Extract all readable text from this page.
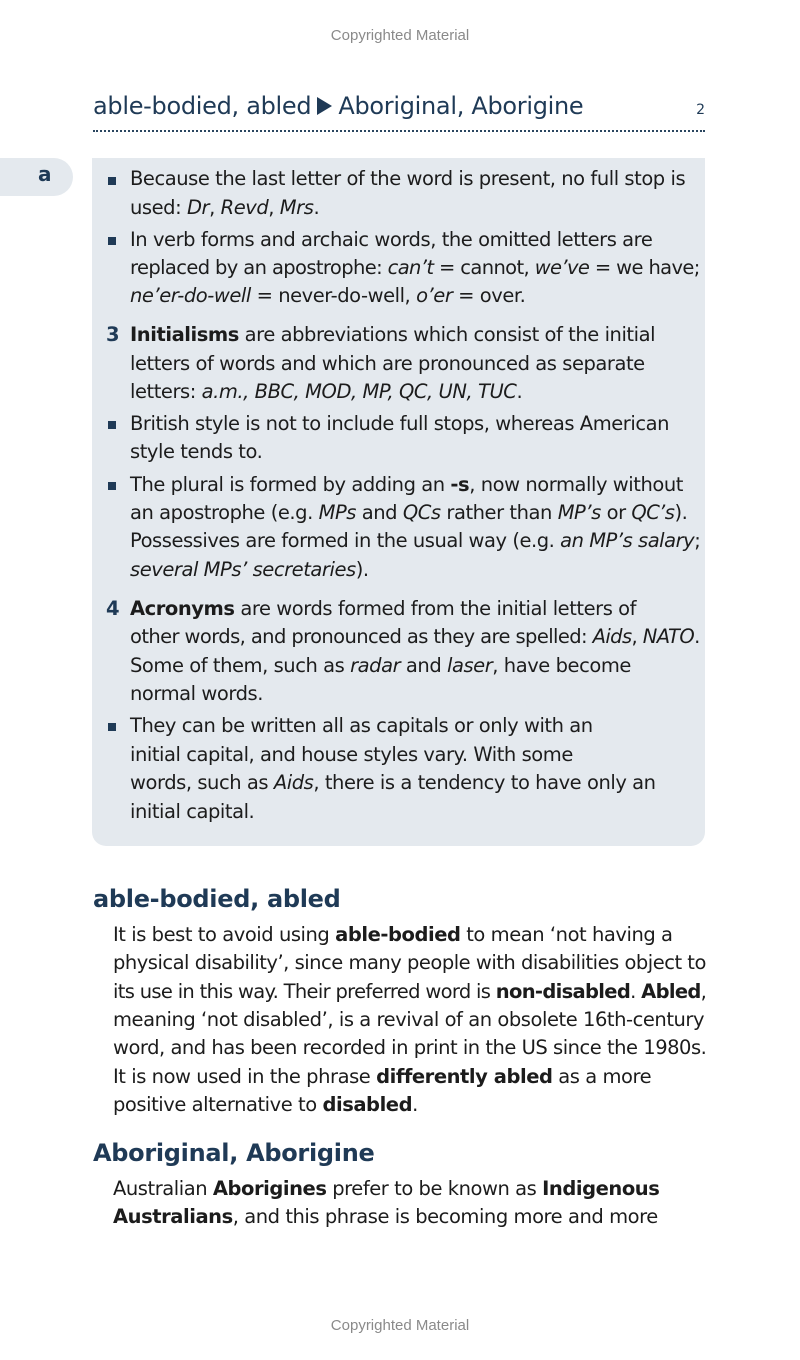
Copyrighted Material
able-bodied, abled Aboriginal, Aborigine	2
a
3
4
Because the last letter of the word is present, no full stop is
used: Dr, Revd, Mrs.
In verb forms and archaic words, the omitted letters are
replaced by an apostrophe: can’t = cannot, we’ve = we have;
ne’er-do-well = never-do-well, o’er = over.
Initialisms are abbreviations which consist of the initial
letters of words and which are pronounced as separate
letters: a.m., BBC, MOD, MP, QC, UN, TUC.
British style is not to include full stops, whereas American
style tends to.
The plural is formed by adding an -s, now normally without
an apostrophe (e.g. MPs and QCs rather than MP’s or QC’s).
Possessives are formed in the usual way (e.g. an MP’s salary;
several MPs’ secretaries).
Acronyms are words formed from the initial letters of
other words, and pronounced as they are spelled: Aids, NATO.
Some of them, such as radar and laser, have become
normal words.
They can be written all as capitals or only with an
initial capital, and house styles vary. With some
words, such as Aids, there is a tendency to have only an
initial capital.
able-bodied, abled
It is best to avoid using able-bodied to mean ‘not having a
physical disability’, since many people with disabilities object to
its use in this way. Their preferred word is non-disabled. Abled,
meaning ‘not disabled’, is a revival of an obsolete 16th-century
word, and has been recorded in print in the US since the 1980s.
It is now used in the phrase differently abled as a more
positive alternative to disabled.
Aboriginal, Aborigine
Australian Aborigines prefer to be known as Indigenous
Australians, and this phrase is becoming more and more
Copyrighted Material
